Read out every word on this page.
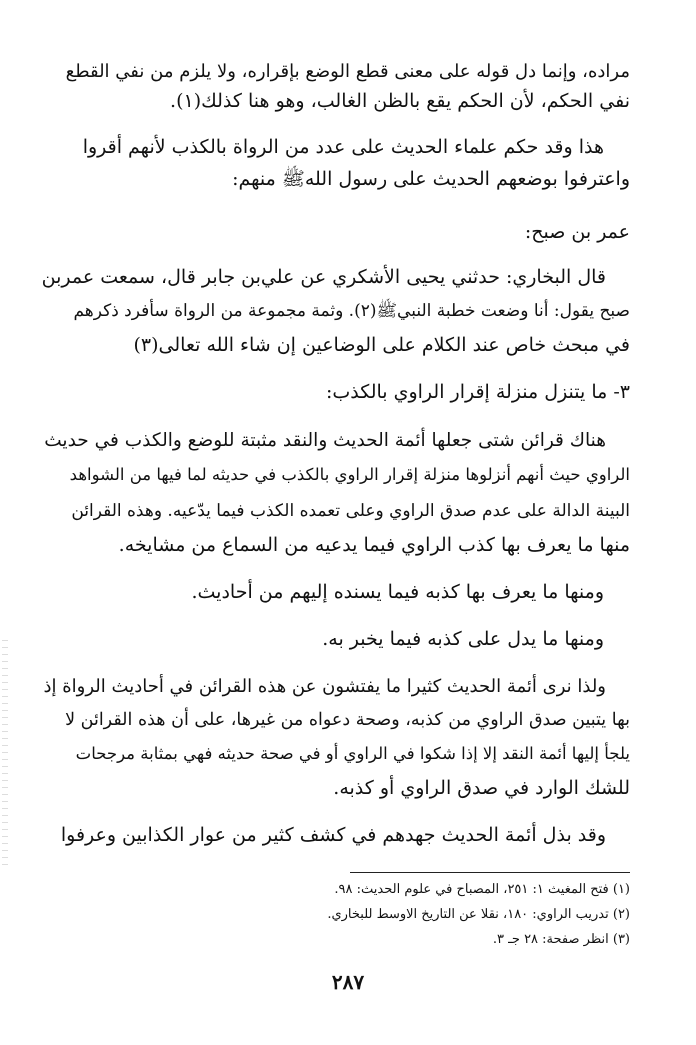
مراده، وإنما دل قوله على معنى قطع الوضع بإقراره، ولا يلزم من نفي القطع
نفي الحكم، لأن الحكم يقع بالظن الغالب، وهو هنا كذلك(١).
هذا وقد حكم علماء الحديث على عدد من الرواة بالكذب لأنهم أقروا
واعترفوا بوضعهم الحديث على رسول اللهﷺ منهم:
عمر بن صبح:
قال البخاري: حدثني يحيى الأشكري عن علي‌بن جابر قال، سمعت عمربن
صبح يقول: أنا وضعت خطبة النبيﷺ(٢). وثمة مجموعة من الرواة سأفرد ذكرهم
في مبحث خاص عند الكلام على الوضاعين إن شاء الله تعالى(٣)
٣- ما يتنزل منزلة إقرار الراوي بالكذب:
هناك قرائن شتى جعلها أئمة الحديث والنقد مثبتة للوضع والكذب في حديث
الراوي حيث أنهم أنزلوها منزلة إقرار الراوي بالكذب في حديثه لما فيها من الشواهد
البينة الدالة على عدم صدق الراوي وعلى تعمده الكذب فيما يدّعيه. وهذه القرائن
منها ما يعرف بها كذب الراوي فيما يدعيه من السماع من مشايخه.
ومنها ما يعرف بها كذبه فيما يسنده إليهم من أحاديث.
ومنها ما يدل على كذبه فيما يخبر به.
ولذا نرى أئمة الحديث كثيرا ما يفتشون عن هذه القرائن في أحاديث الرواة إذ
بها يتبين صدق الراوي من كذبه، وصحة دعواه من غيرها، على أن هذه القرائن لا
يلجأ إليها أئمة النقد إلا إذا شكوا في الراوي أو في صحة حديثه فهي بمثابة مرجحات
للشك الوارد في صدق الراوي أو كذبه.
وقد بذل أئمة الحديث جهدهم في كشف كثير من عوار الكذابين وعرفوا
(١) فتح المغيث ١: ٢٥١، المصباح في علوم الحديث: ٩٨.
(٢) تدريب الراوي: ١٨٠، نقلا عن التاريخ الاوسط للبخاري.
(٣) انظر صفحة: ٢٨ جـ ٣.
٢٨٧
